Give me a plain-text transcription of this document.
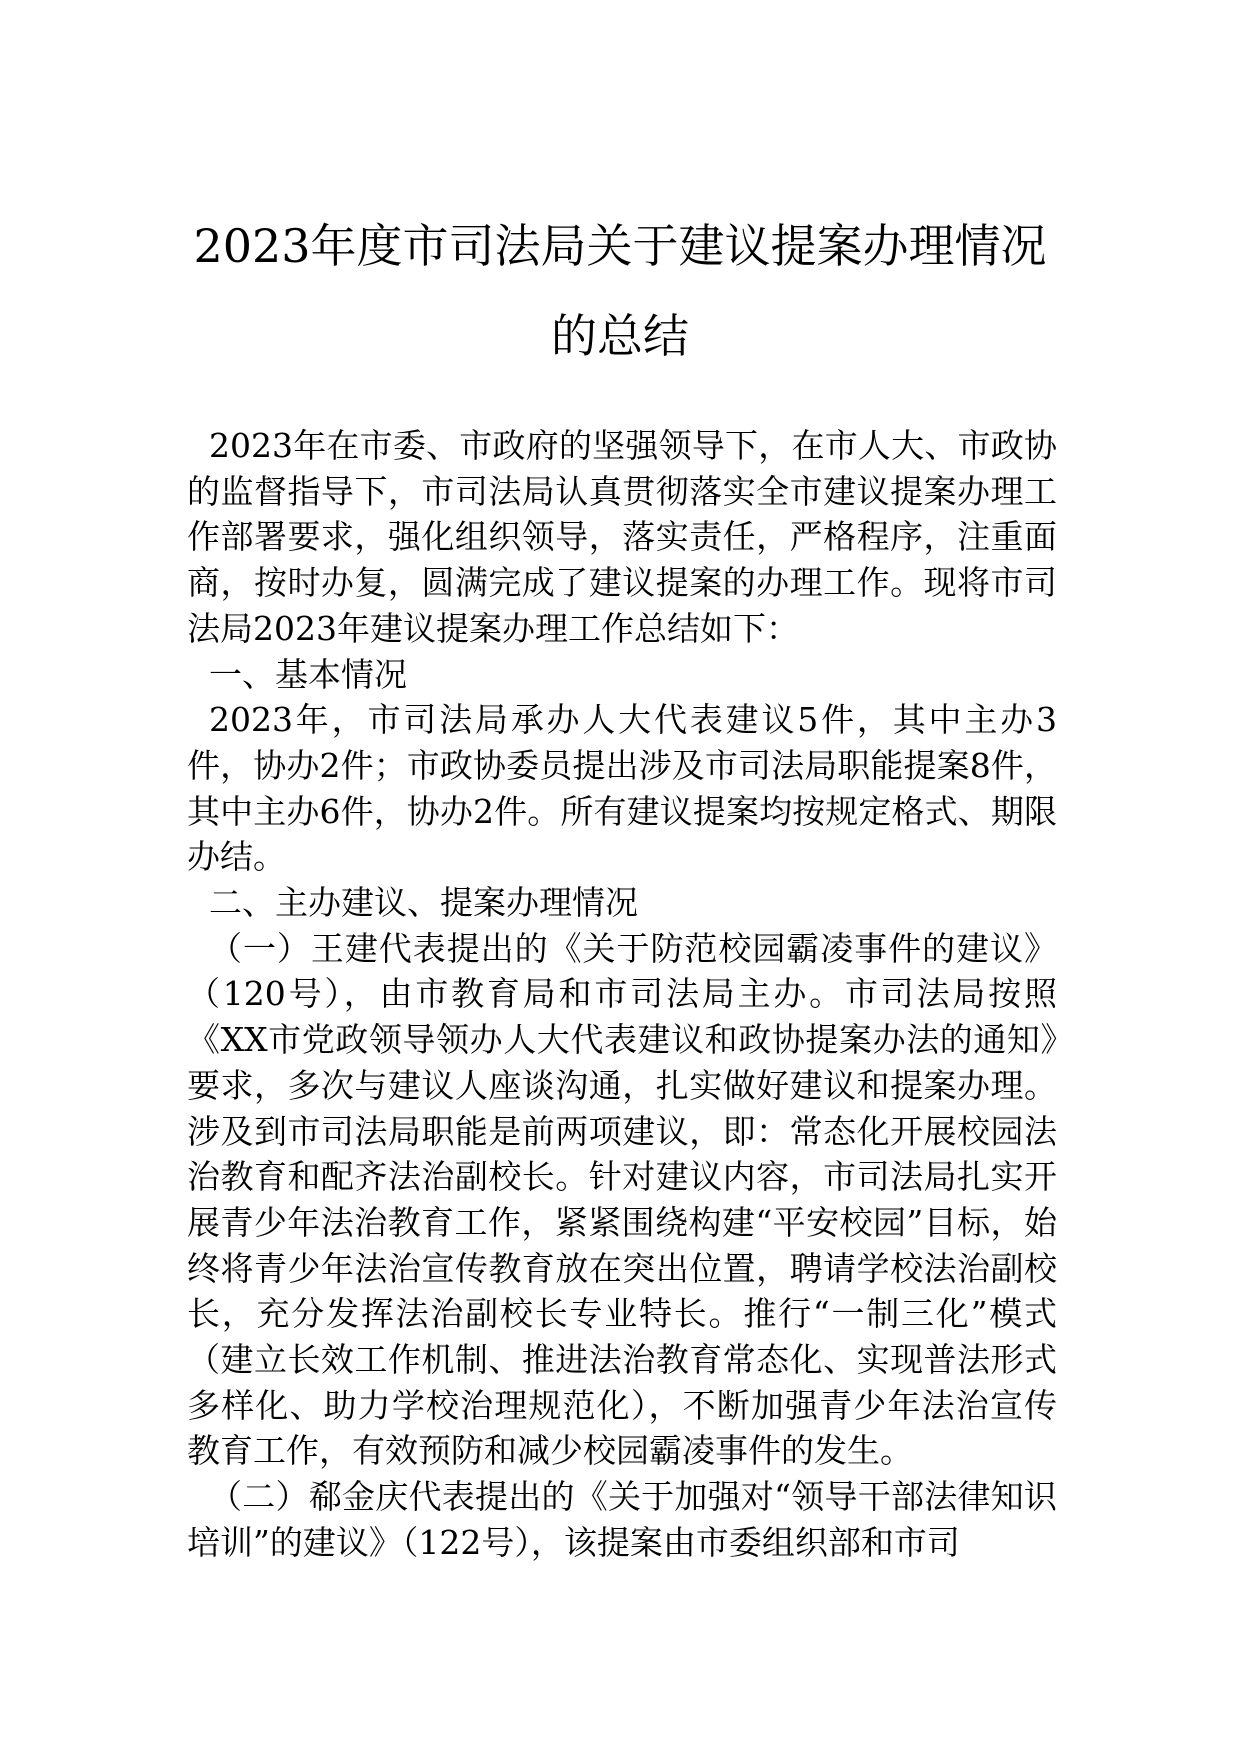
2023年度市司法局关于建议提案办理情况
的总结

2023年在市委、市政府的坚强领导下，在市人大、市政协的监督指导下，市司法局认真贯彻落实全市建议提案办理工作部署要求，强化组织领导，落实责任，严格程序，注重面商，按时办复，圆满完成了建议提案的办理工作。现将市司法局2023年建议提案办理工作总结如下：

一、基本情况

2023年，市司法局承办人大代表建议5件，其中主办3件，协办2件；市政协委员提出涉及市司法局职能提案8件，其中主办6件，协办2件。所有建议提案均按规定格式、期限办结。

二、主办建议、提案办理情况

（一）王建代表提出的《关于防范校园霸凌事件的建议》（120号），由市教育局和市司法局主办。市司法局按照《XX市党政领导领办人大代表建议和政协提案办法的通知》要求，多次与建议人座谈沟通，扎实做好建议和提案办理。涉及到市司法局职能是前两项建议，即：常态化开展校园法治教育和配齐法治副校长。针对建议内容，市司法局扎实开展青少年法治教育工作，紧紧围绕构建“平安校园”目标，始终将青少年法治宣传教育放在突出位置，聘请学校法治副校长，充分发挥法治副校长专业特长。推行“一制三化”模式（建立长效工作机制、推进法治教育常态化、实现普法形式多样化、助力学校治理规范化），不断加强青少年法治宣传教育工作，有效预防和减少校园霸凌事件的发生。

（二）郗金庆代表提出的《关于加强对“领导干部法律知识培训”的建议》（122号），该提案由市委组织部和市司
